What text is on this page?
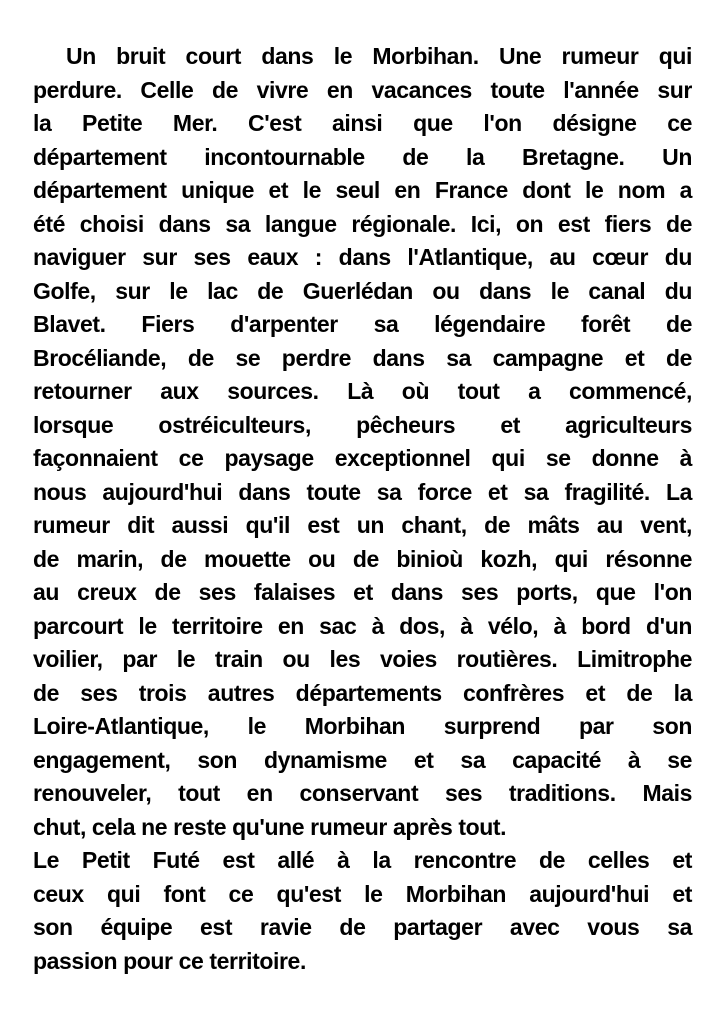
Un bruit court dans le Morbihan. Une rumeur qui
perdure. Celle de vivre en vacances toute l'année sur
la Petite Mer. C'est ainsi que l'on désigne ce
département incontournable de la Bretagne. Un
département unique et le seul en France dont le nom a
été choisi dans sa langue régionale. Ici, on est fiers de
naviguer sur ses eaux : dans l'Atlantique, au cœur du
Golfe, sur le lac de Guerlédan ou dans le canal du
Blavet. Fiers d'arpenter sa légendaire forêt de
Brocéliande, de se perdre dans sa campagne et de
retourner aux sources. Là où tout a commencé,
lorsque ostréiculteurs, pêcheurs et agriculteurs
façonnaient ce paysage exceptionnel qui se donne à
nous aujourd'hui dans toute sa force et sa fragilité. La
rumeur dit aussi qu'il est un chant, de mâts au vent,
de marin, de mouette ou de binioù kozh, qui résonne
au creux de ses falaises et dans ses ports, que l'on
parcourt le territoire en sac à dos, à vélo, à bord d'un
voilier, par le train ou les voies routières. Limitrophe
de ses trois autres départements confrères et de la
Loire-Atlantique, le Morbihan surprend par son
engagement, son dynamisme et sa capacité à se
renouveler, tout en conservant ses traditions. Mais
chut, cela ne reste qu'une rumeur après tout.
Le Petit Futé est allé à la rencontre de celles et
ceux qui font ce qu'est le Morbihan aujourd'hui et
son équipe est ravie de partager avec vous sa
passion pour ce territoire.
